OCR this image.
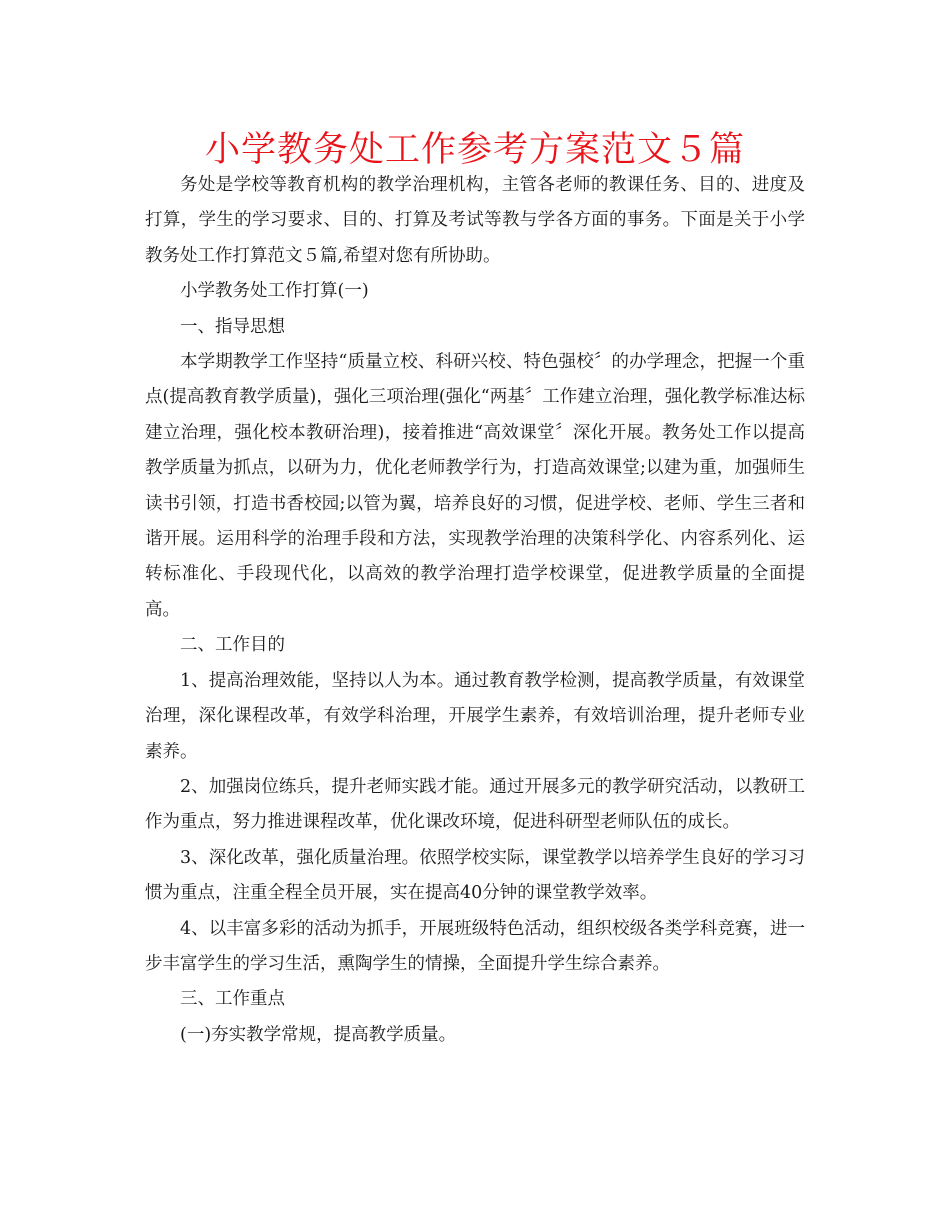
小学教务处工作参考方案范文５篇

务处是学校等教育机构的教学治理机构，主管各老师的教课任务、目的、进度及打算，学生的学习要求、目的、打算及考试等教与学各方面的事务。下面是关于小学教务处工作打算范文５篇,希望对您有所协助。

小学教务处工作打算(一)

一、指导思想

本学期教学工作坚持“质量立校、科研兴校、特色强校〞的办学理念，把握一个重点(提高教育教学质量)，强化三项治理(强化“两基〞工作建立治理，强化教学标准达标建立治理，强化校本教研治理)，接着推进“高效课堂〞深化开展。教务处工作以提高教学质量为抓点，以研为力，优化老师教学行为，打造高效课堂;以建为重，加强师生读书引领，打造书香校园;以管为翼，培养良好的习惯，促进学校、老师、学生三者和谐开展。运用科学的治理手段和方法，实现教学治理的决策科学化、内容系列化、运转标准化、手段现代化，以高效的教学治理打造学校课堂，促进教学质量的全面提高。

二、工作目的

1、提高治理效能，坚持以人为本。通过教育教学检测，提高教学质量，有效课堂治理，深化课程改革，有效学科治理，开展学生素养，有效培训治理，提升老师专业素养。

2、加强岗位练兵，提升老师实践才能。通过开展多元的教学研究活动，以教研工作为重点，努力推进课程改革，优化课改环境，促进科研型老师队伍的成长。

3、深化改革，强化质量治理。依照学校实际，课堂教学以培养学生良好的学习习惯为重点，注重全程全员开展，实在提高40分钟的课堂教学效率。

4、以丰富多彩的活动为抓手，开展班级特色活动，组织校级各类学科竞赛，进一步丰富学生的学习生活，熏陶学生的情操，全面提升学生综合素养。

三、工作重点

(一)夯实教学常规，提高教学质量。
